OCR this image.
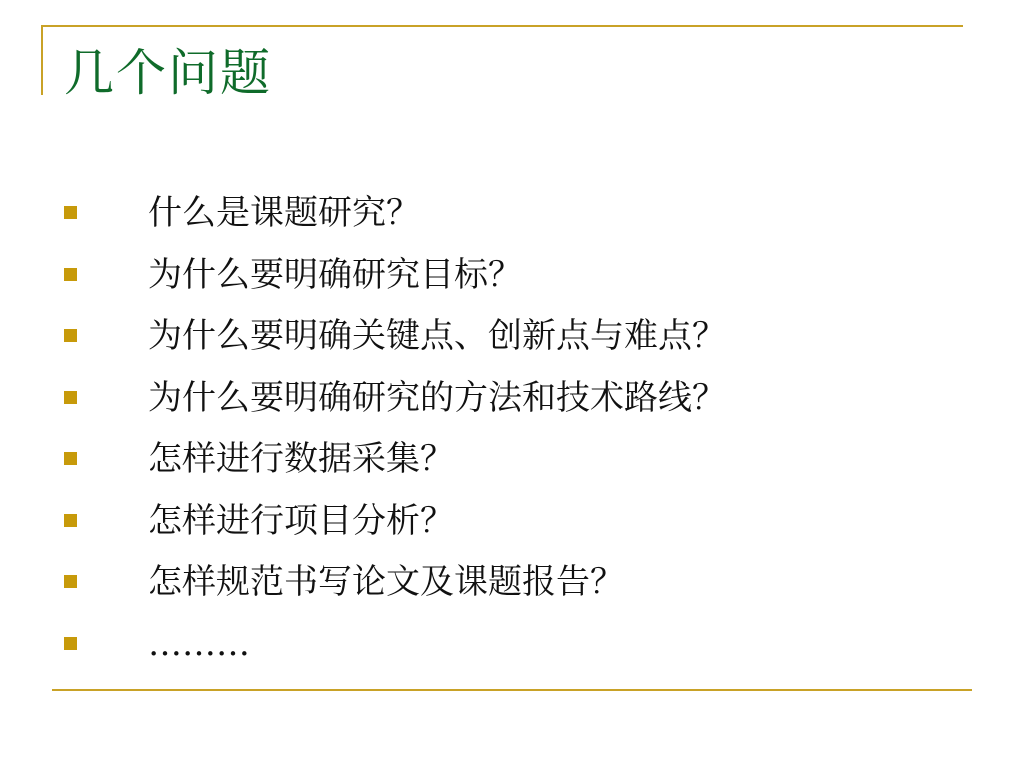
几个问题
什么是课题研究？
为什么要明确研究目标？
为什么要明确关键点、创新点与难点？
为什么要明确研究的方法和技术路线？
怎样进行数据采集？
怎样进行项目分析？
怎样规范书写论文及课题报告？
………
